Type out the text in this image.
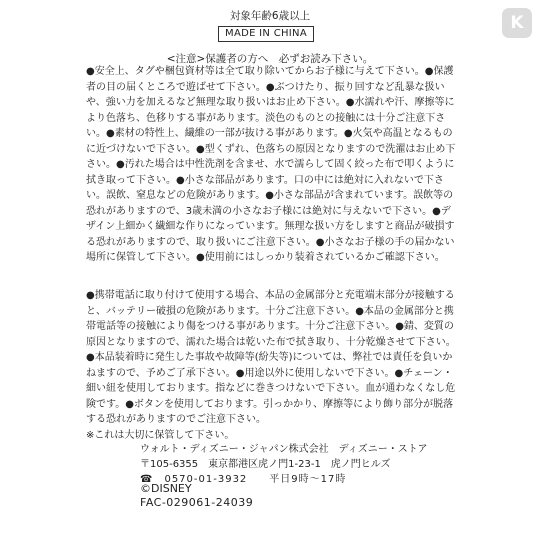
K
対象年齢6歳以上
MADE IN CHINA
<注意>保護者の方へ　必ずお読み下さい。

●安全上、タグや梱包資材等は全て取り除いてからお子様に与えて下さい。●保護者の目の届くところで遊ばせて下さい。●ぶつけたり、振り回すなど乱暴な扱いや、強い力を加えるなど無理な取り扱いはお止め下さい。●水濡れや汗、摩擦等により色落ち、色移りする事があります。淡色のものとの接触には十分ご注意下さい。●素材の特性上、繊維の一部が抜ける事があります。●火気や高温となるものに近づけないで下さい。●型くずれ、色落ちの原因となりますので洗濯はお止め下さい。●汚れた場合は中性洗剤を含ませ、水で濡らして固く絞った布で叩くように拭き取って下さい。●小さな部品があります。口の中には絶対に入れないで下さい。誤飲、窒息などの危険があります。●小さな部品が含まれています。誤飲等の恐れがありますので、3歳未満の小さなお子様には絶対に与えないで下さい。●デザイン上細かく繊細な作りになっています。無理な扱い方をしますと商品が破損する恐れがありますので、取り扱いにご注意下さい。●小さなお子様の手の届かない場所に保管して下さい。●使用前にはしっかり装着されているかご確認下さい。

●携帯電話に取り付けて使用する場合、本品の金属部分と充電端末部分が接触すると、バッテリー破損の危険があります。十分ご注意下さい。●本品の金属部分と携帯電話等の接触により傷をつける事があります。十分ご注意下さい。●錆、変質の原因となりますので、濡れた場合は乾いた布で拭き取り、十分乾燥させて下さい。●本品装着時に発生した事故や故障等(紛失等)については、弊社では責任を負いかねますので、予めご了承下さい。●用途以外に使用しないで下さい。●チェーン・細い紐を使用しております。指などに巻きつけないで下さい。血が通わなくなし危険です。●ボタンを使用しております。引っかかり、摩擦等により飾り部分が脱落する恐れがありますのでご注意下さい。

※これは大切に保管して下さい。

ウォルト・ディズニー・ジャパン株式会社　ディズニー・ストア
〒105-6355　東京都港区虎ノ門1-23-1　虎ノ門ヒルズ
☎　0570-01-3932　　平日9時～17時
©DISNEY
FAC-029061-24039
